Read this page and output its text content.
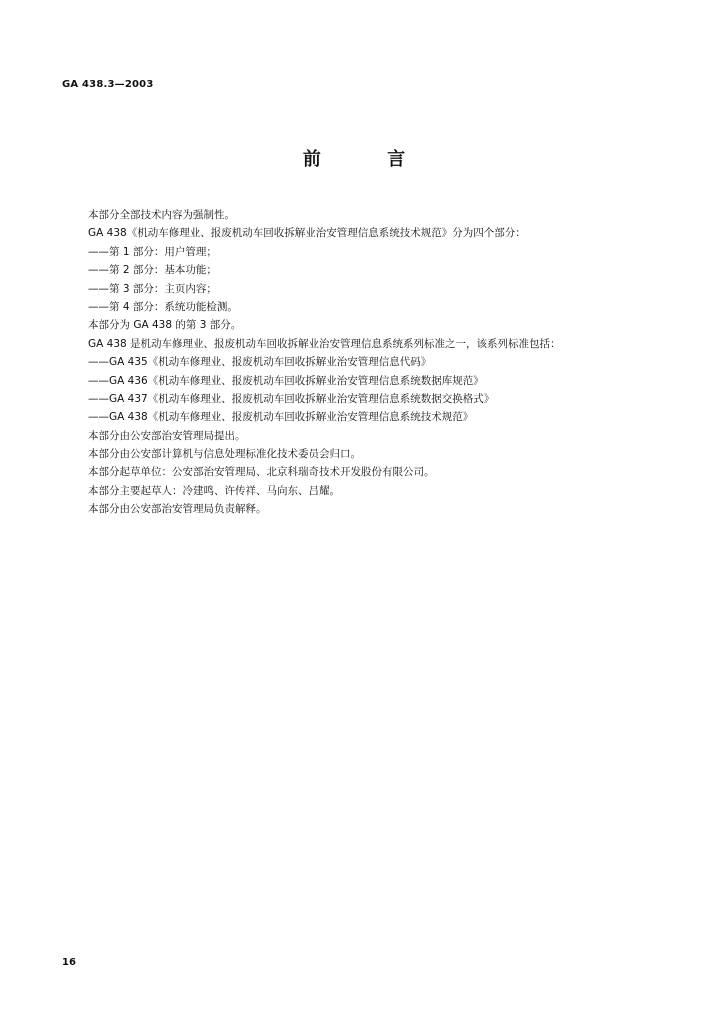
GA 438.3—2003
前 言
本部分全部技术内容为强制性。
GA 438《机动车修理业、报废机动车回收拆解业治安管理信息系统技术规范》分为四个部分：
——第 1 部分：用户管理；
——第 2 部分：基本功能；
——第 3 部分：主页内容；
——第 4 部分：系统功能检测。
本部分为 GA 438 的第 3 部分。
GA 438 是机动车修理业、报废机动车回收拆解业治安管理信息系统系列标准之一，该系列标准包括：
——GA 435《机动车修理业、报废机动车回收拆解业治安管理信息代码》
——GA 436《机动车修理业、报废机动车回收拆解业治安管理信息系统数据库规范》
——GA 437《机动车修理业、报废机动车回收拆解业治安管理信息系统数据交换格式》
——GA 438《机动车修理业、报废机动车回收拆解业治安管理信息系统技术规范》
本部分由公安部治安管理局提出。
本部分由公安部计算机与信息处理标准化技术委员会归口。
本部分起草单位：公安部治安管理局、北京科瑞奇技术开发股份有限公司。
本部分主要起草人：冷建鸣、许传祥、马向东、吕耀。
本部分由公安部治安管理局负责解释。
16
